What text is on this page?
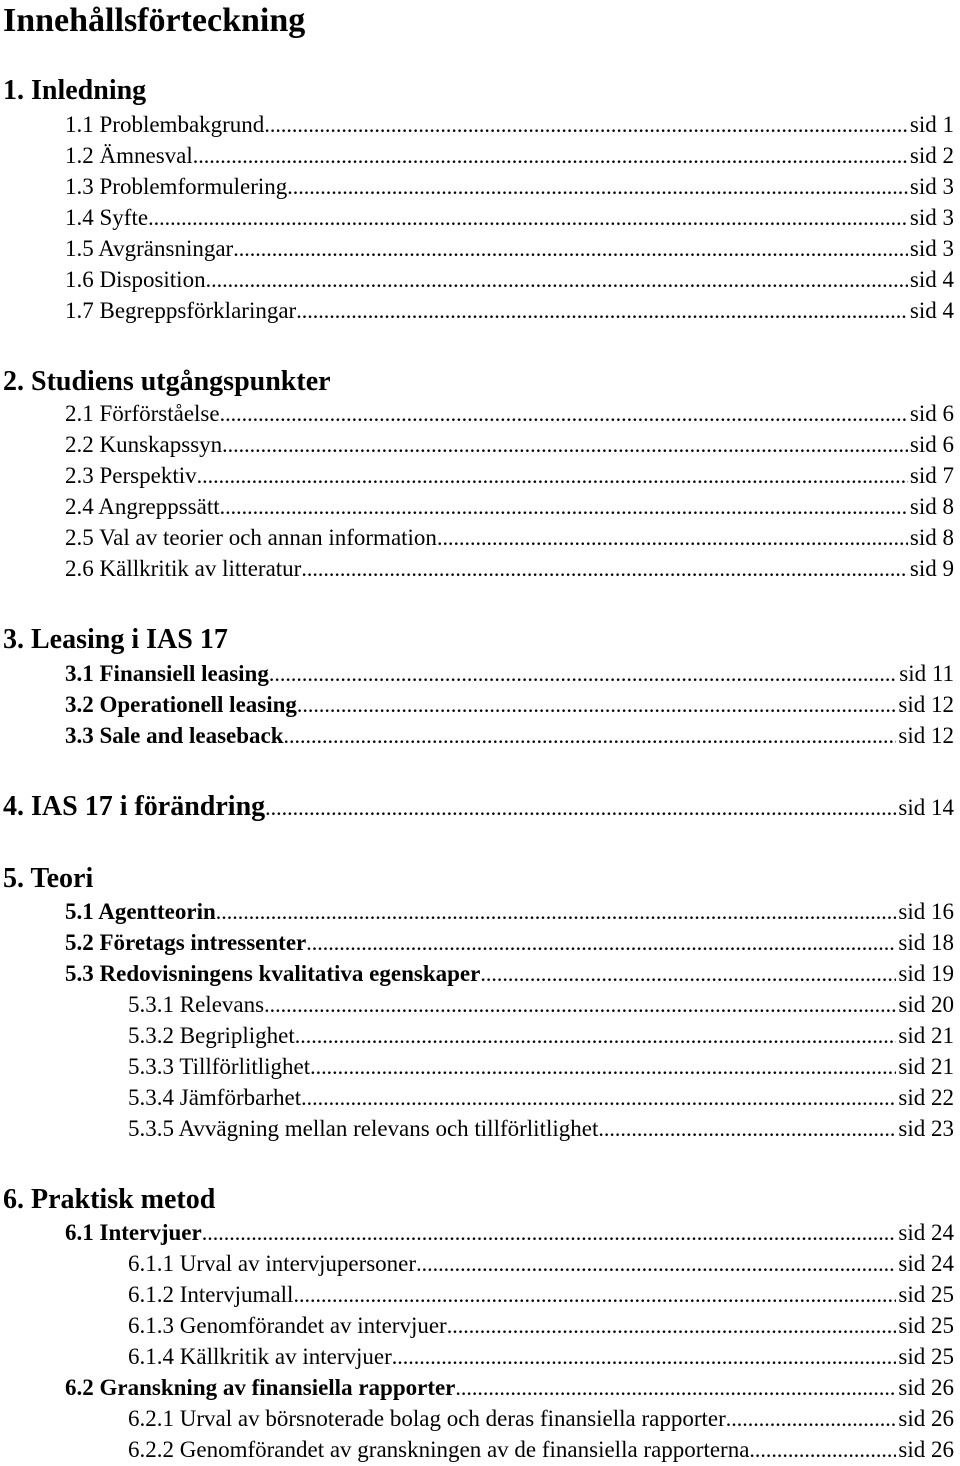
Innehållsförteckning
1. Inledning
1.1 Problembakgrund .....	sid 1
1.2 Ämnesval .....	sid 2
1.3 Problemformulering .....	sid 3
1.4 Syfte .....	sid 3
1.5 Avgränsningar .....	sid 3
1.6 Disposition .....	sid 4
1.7 Begreppsförklaringar .....	sid 4
2. Studiens utgångspunkter
2.1 Förförståelse .....	sid 6
2.2 Kunskapssyn .....	sid 6
2.3 Perspektiv .....	sid 7
2.4 Angreppssätt .....	sid 8
2.5 Val av teorier och annan information .....	sid 8
2.6 Källkritik av litteratur .....	sid 9
3. Leasing i IAS 17
3.1 Finansiell leasing .....	sid 11
3.2 Operationell leasing .....	sid 12
3.3 Sale and leaseback .....	sid 12
4. IAS 17 i förändring .....	sid 14
5. Teori
5.1 Agentteorin .....	sid 16
5.2 Företags intressenter .....	sid 18
5.3 Redovisningens kvalitativa egenskaper .....	sid 19
5.3.1 Relevans .....	sid 20
5.3.2 Begriplighet .....	sid 21
5.3.3 Tillförlitlighet .....	sid 21
5.3.4 Jämförbarhet .....	sid 22
5.3.5 Avvägning mellan relevans och tillförlitlighet .....	sid 23
6. Praktisk metod
6.1 Intervjuer .....	sid 24
6.1.1 Urval av intervjupersoner .....	sid 24
6.1.2 Intervjumall .....	sid 25
6.1.3 Genomförandet av intervjuer .....	sid 25
6.1.4 Källkritik av intervjuer .....	sid 25
6.2 Granskning av finansiella rapporter .....	sid 26
6.2.1 Urval av börsnoterade bolag och deras finansiella rapporter .....	sid 26
6.2.2 Genomförandet av granskningen av de finansiella rapporterna .....	sid 26
